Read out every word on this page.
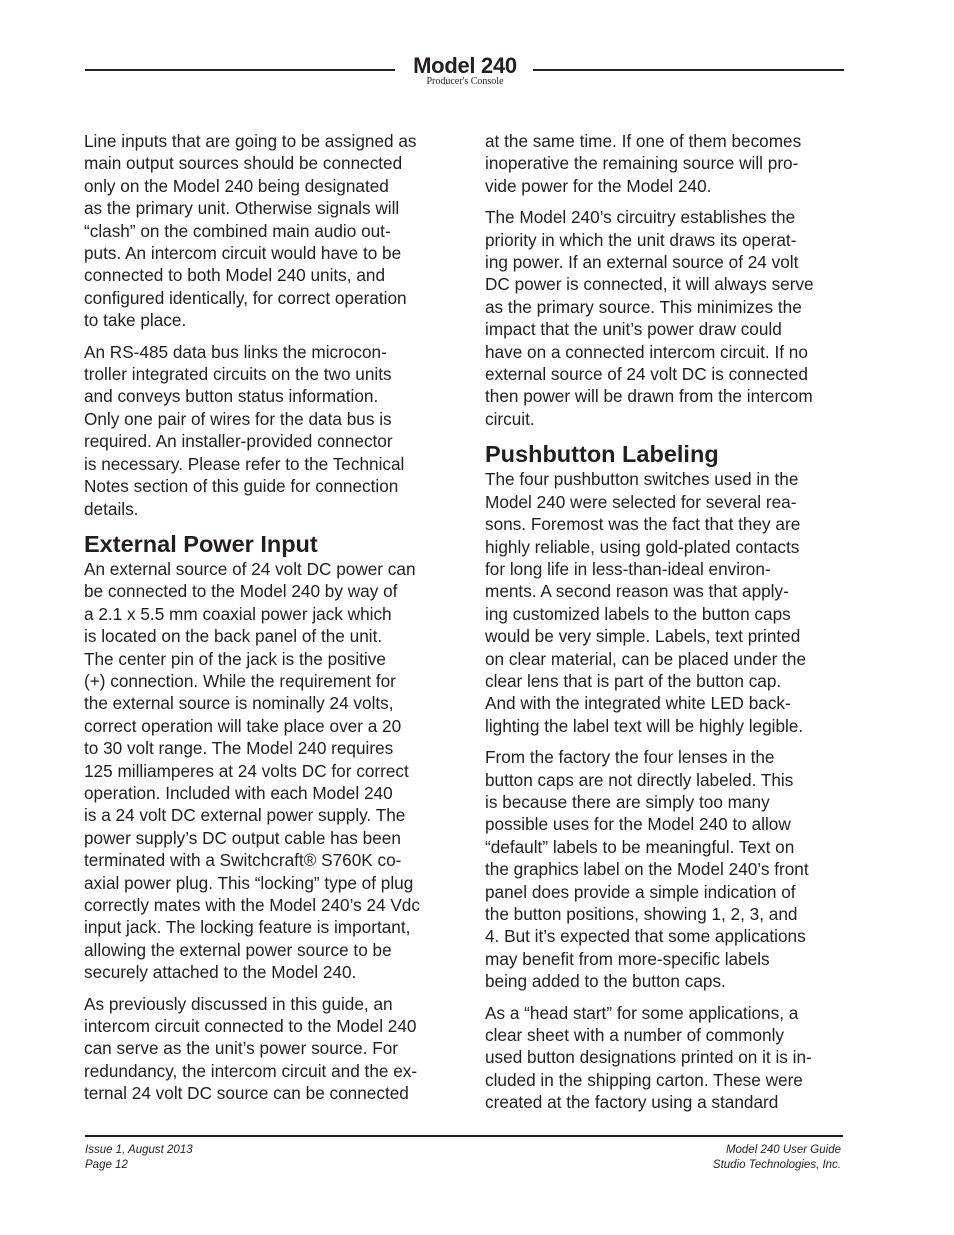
Model 240
Producer's Console

Line inputs that are going to be assigned as
main output sources should be connected
only on the Model 240 being designated
as the primary unit. Otherwise signals will
“clash” on the combined main audio out-
puts. An intercom circuit would have to be
connected to both Model 240 units, and
configured identically, for correct operation
to take place.

An RS-485 data bus links the microcon-
troller integrated circuits on the two units
and conveys button status information.
Only one pair of wires for the data bus is
required. An installer-provided connector
is necessary. Please refer to the Technical
Notes section of this guide for connection
details.

External Power Input

An external source of 24 volt DC power can
be connected to the Model 240 by way of
a 2.1 x 5.5 mm coaxial power jack which
is located on the back panel of the unit.
The center pin of the jack is the positive
(+) connection. While the requirement for
the external source is nominally 24 volts,
correct operation will take place over a 20
to 30 volt range. The Model 240 requires
125 milliamperes at 24 volts DC for correct
operation. Included with each Model 240
is a 24 volt DC external power supply. The
power supply’s DC output cable has been
terminated with a Switchcraft® S760K co-
axial power plug. This “locking” type of plug
correctly mates with the Model 240’s 24 Vdc
input jack. The locking feature is important,
allowing the external power source to be
securely attached to the Model 240.

As previously discussed in this guide, an
intercom circuit connected to the Model 240
can serve as the unit’s power source. For
redundancy, the intercom circuit and the ex-
ternal 24 volt DC source can be connected

at the same time. If one of them becomes
inoperative the remaining source will pro-
vide power for the Model 240.

The Model 240’s circuitry establishes the
priority in which the unit draws its operat-
ing power. If an external source of 24 volt
DC power is connected, it will always serve
as the primary source. This minimizes the
impact that the unit’s power draw could
have on a connected intercom circuit. If no
external source of 24 volt DC is connected
then power will be drawn from the intercom
circuit.

Pushbutton Labeling

The four pushbutton switches used in the
Model 240 were selected for several rea-
sons. Foremost was the fact that they are
highly reliable, using gold-plated contacts
for long life in less-than-ideal environ-
ments. A second reason was that apply-
ing customized labels to the button caps
would be very simple. Labels, text printed
on clear material, can be placed under the
clear lens that is part of the button cap.
And with the integrated white LED back-
lighting the label text will be highly legible.

From the factory the four lenses in the
button caps are not directly labeled. This
is because there are simply too many
possible uses for the Model 240 to allow
“default” labels to be meaningful. Text on
the graphics label on the Model 240’s front
panel does provide a simple indication of
the button positions, showing 1, 2, 3, and
4. But it’s expected that some applications
may benefit from more-specific labels
being added to the button caps.

As a “head start” for some applications, a
clear sheet with a number of commonly
used button designations printed on it is in-
cluded in the shipping carton. These were
created at the factory using a standard

Issue 1, August 2013
Page 12
Model 240 User Guide
Studio Technologies, Inc.
